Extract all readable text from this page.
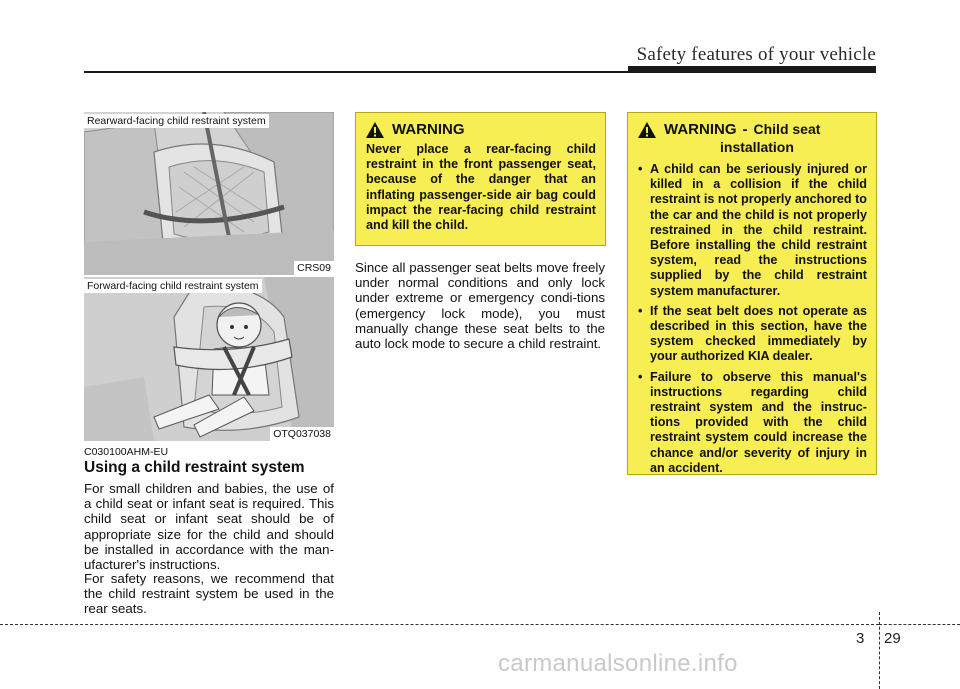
Safety features of your vehicle
Rearward-facing child restraint system
CRS09
Forward-facing child restraint system
OTQ037038
C030100AHM-EU
Using a child restraint system

For small children and babies, the use of a child seat or infant seat is required. This child seat or infant seat should be of appropriate size for the child and should be installed in accordance with the man-ufacturer's instructions.

For safety reasons, we recommend that the child restraint system be used in the rear seats.

WARNING

Never place a rear-facing child restraint in the front passenger seat, because of the danger that an inflating passenger-side air bag could impact the rear-facing child restraint and kill the child.

Since all passenger seat belts move freely under normal conditions and only lock under extreme or emergency condi-tions (emergency lock mode), you must manually change these seat belts to the auto lock mode to secure a child restraint.

WARNING - Child seat
installation
• A child can be seriously injured or killed in a collision if the child restraint is not properly anchored to the car and the child is not properly restrained in the child restraint. Before installing the child restraint system, read the instructions supplied by the child restraint system manufacturer.
• If the seat belt does not operate as described in this section, have the system checked immediately by your authorized KIA dealer.
• Failure to observe this manual's instructions regarding child restraint system and the instruc-tions provided with the child restraint system could increase the chance and/or severity of injury in an accident.
3 29
carmanualsonline.info
